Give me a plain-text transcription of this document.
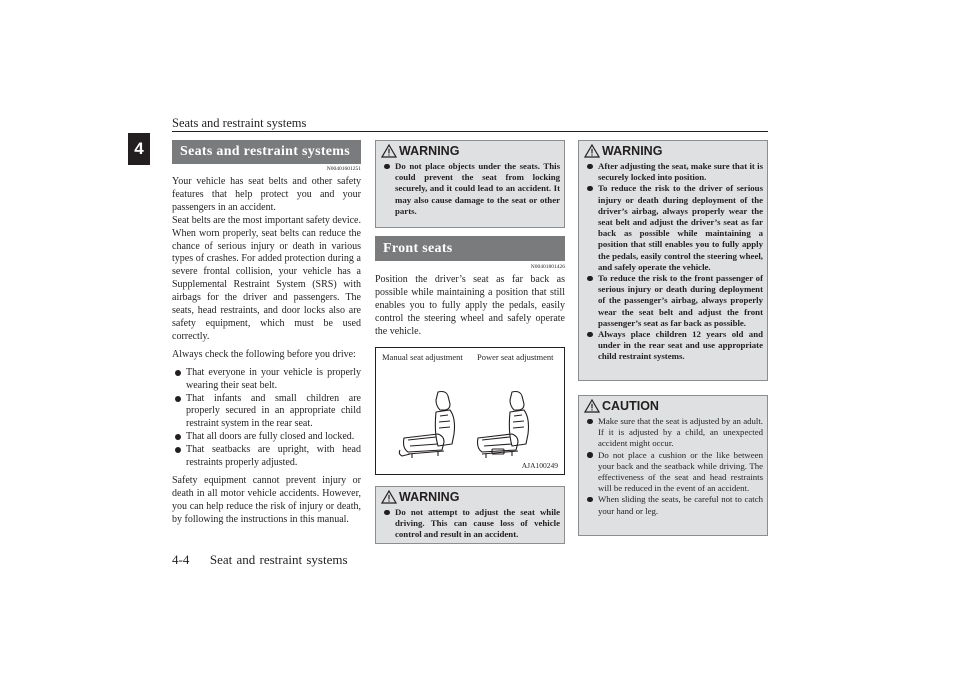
Seats and restraint systems
4	Seats and restraint systems
N00401601251

Your vehicle has seat belts and other safety features that help protect you and your passengers in an accident.

Seat belts are the most important safety device. When worn properly, seat belts can reduce the chance of serious injury or death in various types of crashes. For added protection during a severe frontal collision, your vehicle has a Supplemental Restraint System (SRS) with airbags for the driver and passengers. The seats, head restraints, and door locks also are safety equipment, which must be used correctly.

Always check the following before you drive:

That everyone in your vehicle is properly wearing their seat belt.
That infants and small children are properly secured in an appropriate child restraint system in the rear seat.
That all doors are fully closed and locked.
That seatbacks are upright, with head restraints properly adjusted.

Safety equipment cannot prevent injury or death in all motor vehicle accidents. However, you can help reduce the risk of injury or death, by following the instructions in this manual.

WARNING
Do not place objects under the seats. This could prevent the seat from locking securely, and it could lead to an accident. It may also cause damage to the seat or other parts.
Front seats
N00401801426
Position the driver’s seat as far back as possible while maintaining a position that still enables you to fully apply the pedals, easily control the steering wheel and safely operate the vehicle.
Manual seat adjustment Power seat adjustment
AJA100249
WARNING
Do not attempt to adjust the seat while driving. This can cause loss of vehicle control and result in an accident.
WARNING
After adjusting the seat, make sure that it is securely locked into position.
To reduce the risk to the driver of serious injury or death during deployment of the driver’s airbag, always properly wear the seat belt and adjust the driver’s seat as far back as possible while maintaining a position that still enables you to fully apply the pedals, easily control the steering wheel, and safely operate the vehicle.
To reduce the risk to the front passenger of serious injury or death during deployment of the passenger’s airbag, always properly wear the seat belt and adjust the front passenger’s seat as far back as possible.
Always place children 12 years old and under in the rear seat and use appropriate child restraint systems.
CAUTION
Make sure that the seat is adjusted by an adult. If it is adjusted by a child, an unexpected accident might occur.
Do not place a cushion or the like between your back and the seatback while driving. The effectiveness of the seat and head restraints will be reduced in the event of an accident.
When sliding the seats, be careful not to catch your hand or leg.
4-4 Seat and restraint systems
